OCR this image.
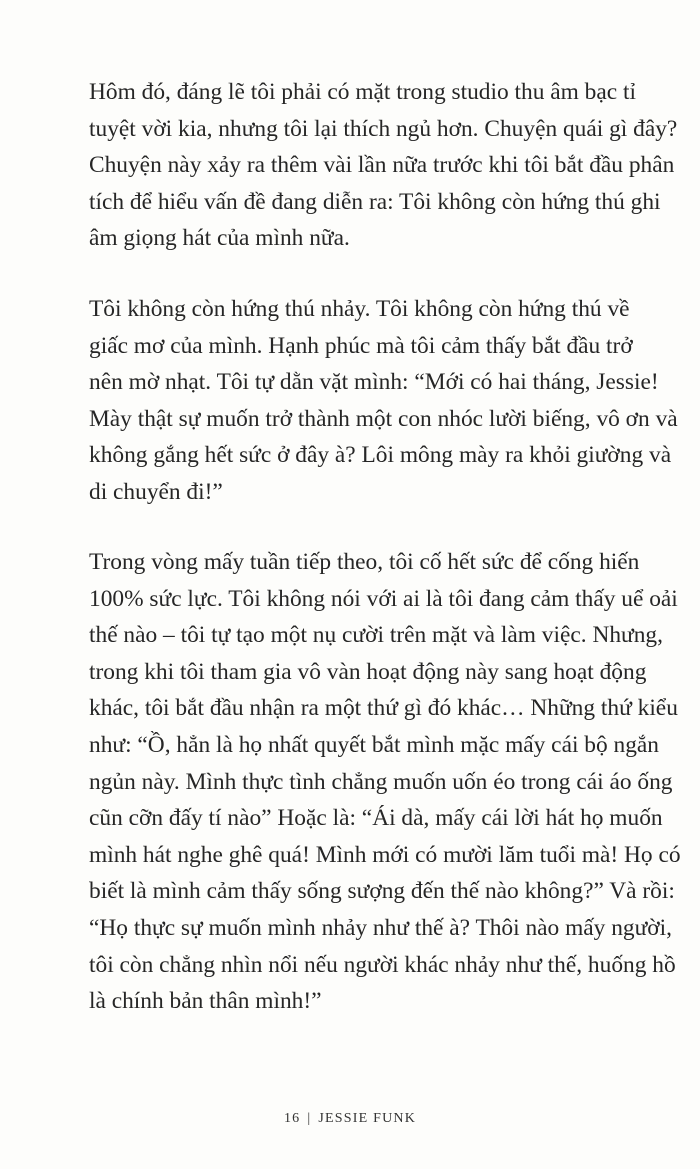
Hôm đó, đáng lẽ tôi phải có mặt trong studio thu âm bạc tỉ
tuyệt vời kia, nhưng tôi lại thích ngủ hơn. Chuyện quái gì đây?
Chuyện này xảy ra thêm vài lần nữa trước khi tôi bắt đầu phân
tích để hiểu vấn đề đang diễn ra: Tôi không còn hứng thú ghi
âm giọng hát của mình nữa.

Tôi không còn hứng thú nhảy. Tôi không còn hứng thú về
giấc mơ của mình. Hạnh phúc mà tôi cảm thấy bắt đầu trở
nên mờ nhạt. Tôi tự dằn vặt mình: “Mới có hai tháng, Jessie!
Mày thật sự muốn trở thành một con nhóc lười biếng, vô ơn và
không gắng hết sức ở đây à? Lôi mông mày ra khỏi giường và
di chuyển đi!”

Trong vòng mấy tuần tiếp theo, tôi cố hết sức để cống hiến
100% sức lực. Tôi không nói với ai là tôi đang cảm thấy uể oải
thế nào – tôi tự tạo một nụ cười trên mặt và làm việc. Nhưng,
trong khi tôi tham gia vô vàn hoạt động này sang hoạt động
khác, tôi bắt đầu nhận ra một thứ gì đó khác… Những thứ kiểu
như: “Ồ, hẳn là họ nhất quyết bắt mình mặc mấy cái bộ ngắn
ngủn này. Mình thực tình chẳng muốn uốn éo trong cái áo ống
cũn cỡn đấy tí nào” Hoặc là: “Ái dà, mấy cái lời hát họ muốn
mình hát nghe ghê quá! Mình mới có mười lăm tuổi mà! Họ có
biết là mình cảm thấy sống sượng đến thế nào không?” Và rồi:
“Họ thực sự muốn mình nhảy như thế à? Thôi nào mấy người,
tôi còn chẳng nhìn nổi nếu người khác nhảy như thế, huống hồ
là chính bản thân mình!”

16 | JESSIE FUNK
